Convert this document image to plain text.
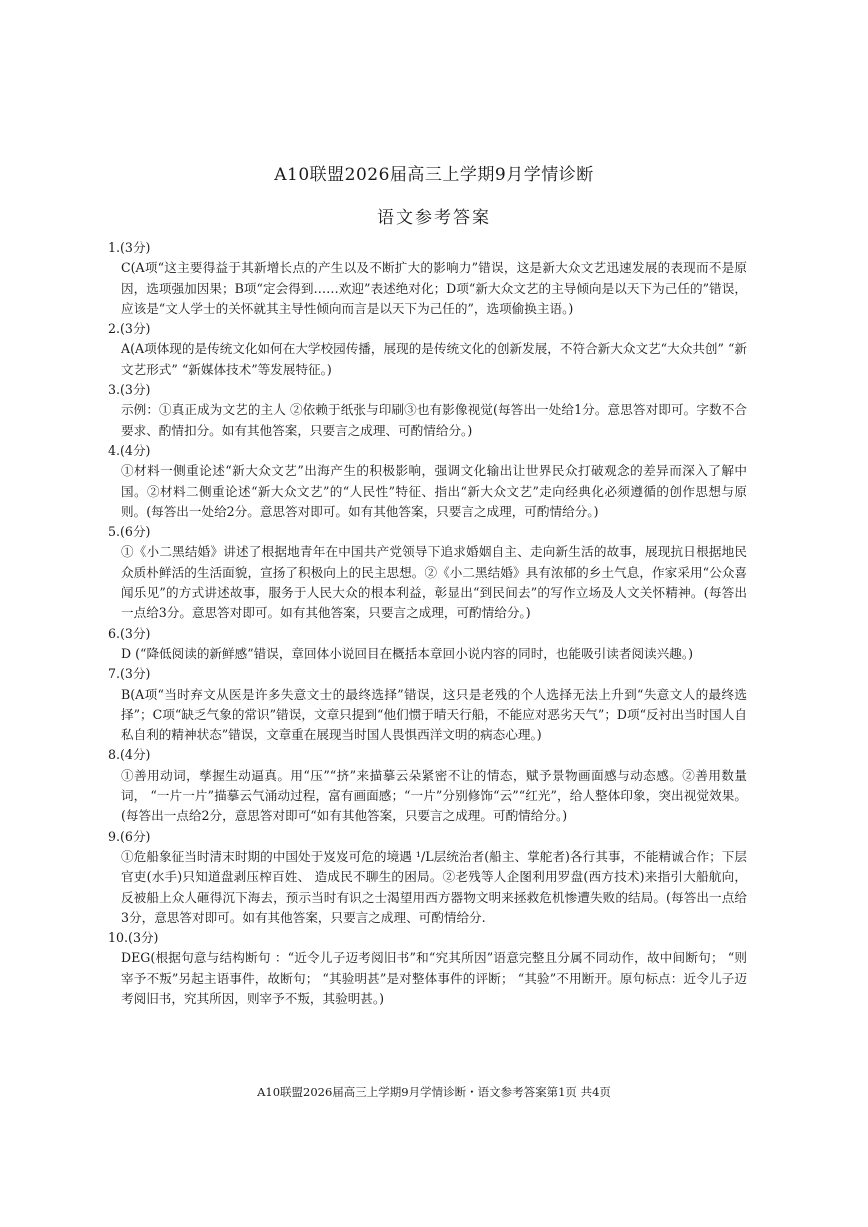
A10联盟2026届高三上学期9月学情诊断
语文参考答案
1.(3分)
C(A项“这主要得益于其新增长点的产生以及不断扩大的影响力”错误，这是新大众文艺迅速发展的表现而不是原因，选项强加因果；B项“定会得到……欢迎”表述绝对化；D项“新大众文艺的主导倾向是以天下为己任的”错误，应该是“文人学士的关怀就其主导性倾向而言是以天下为己任的”，选项偷换主语。)
2.(3分)
A(A项体现的是传统文化如何在大学校园传播，展现的是传统文化的创新发展，不符合新大众文艺“大众共创” “新文艺形式” “新媒体技术”等发展特征。)
3.(3分)
示例：①真正成为文艺的主人 ②依赖于纸张与印刷③也有影像视觉(每答出一处给1分。意思答对即可。字数不合要求、酌情扣分。如有其他答案，只要言之成理、可酌情给分。)
4.(4分)
①材料一侧重论述“新大众文艺”出海产生的积极影响，强调文化输出让世界民众打破观念的差异而深入了解中国。②材料二侧重论述“新大众文艺”的“人民性”特征、指出“新大众文艺”走向经典化必须遵循的创作思想与原则。(每答出一处给2分。意思答对即可。如有其他答案，只要言之成理，可酌情给分。)
5.(6分)
①《小二黑结婚》讲述了根据地青年在中国共产党领导下追求婚姻自主、走向新生活的故事，展现抗日根据地民众质朴鲜活的生活面貌，宣扬了积极向上的民主思想。②《小二黑结婚》具有浓郁的乡土气息，作家采用“公众喜闻乐见”的方式讲述故事，服务于人民大众的根本利益，彰显出“到民间去”的写作立场及人文关怀精神。(每答出一点给3分。意思答对即可。如有其他答案，只要言之成理，可酌情给分。)
6.(3分)
D (“降低阅读的新鲜感”错误，章回体小说回目在概括本章回小说内容的同时，也能吸引读者阅读兴趣。)
7.(3分)
B(A项“当时弃文从医是许多失意文士的最终选择”错误，这只是老残的个人选择无法上升到“失意文人的最终选择”；C项“缺乏气象的常识”错误，文章只提到“他们惯于晴天行船，不能应对恶劣天气”；D项“反衬出当时国人自私自利的精神状态”错误，文章重在展现当时国人畏惧西洋文明的病态心理。)
8.(4分)
①善用动词，孳握生动逼真。用“压”“挤”来描摹云朵紧密不让的情态，赋予景物画面感与动态感。②善用数量词， “一片一片”描摹云气涌动过程，富有画面感；“一片”分别修饰“云”“红光”，给人整体印象，突出视觉效果。(每答出一点给2分，意思答对即可“如有其他答案，只要言之成理。可酌情给分。)
9.(6分)
①危船象征当时清末时期的中国处于岌岌可危的境遇 ¹/L层统治者(船主、掌舵者)各行其事，不能精诚合作；下层官吏(水手)只知道盘剥压榨百姓、 造成民不聊生的困局。②老残等人企图利用罗盘(西方技术)来指引大船航向，反被船上众人砸得沉下海去，预示当时有识之士渴望用西方器物文明来拯救危机惨遭失败的结局。(每答出一点给3分，意思答对即可。如有其他答案，只要言之成理、可酌情给分.
10.(3分)
DEG(根据句意与结构断句 ：“近令儿子迈考阅旧书”和“究其所因”语意完整且分属不同动作，故中间断句； “则宰予不叛”另起主语事件，故断句； “其验明甚”是对整体事件的评断； “其验”不用断开。原句标点：近令儿子迈考阅旧书，究其所因，则宰予不叛，其验明甚。)
A10联盟2026届高三上学期9月学情诊断・语文参考答案第1页 共4页
